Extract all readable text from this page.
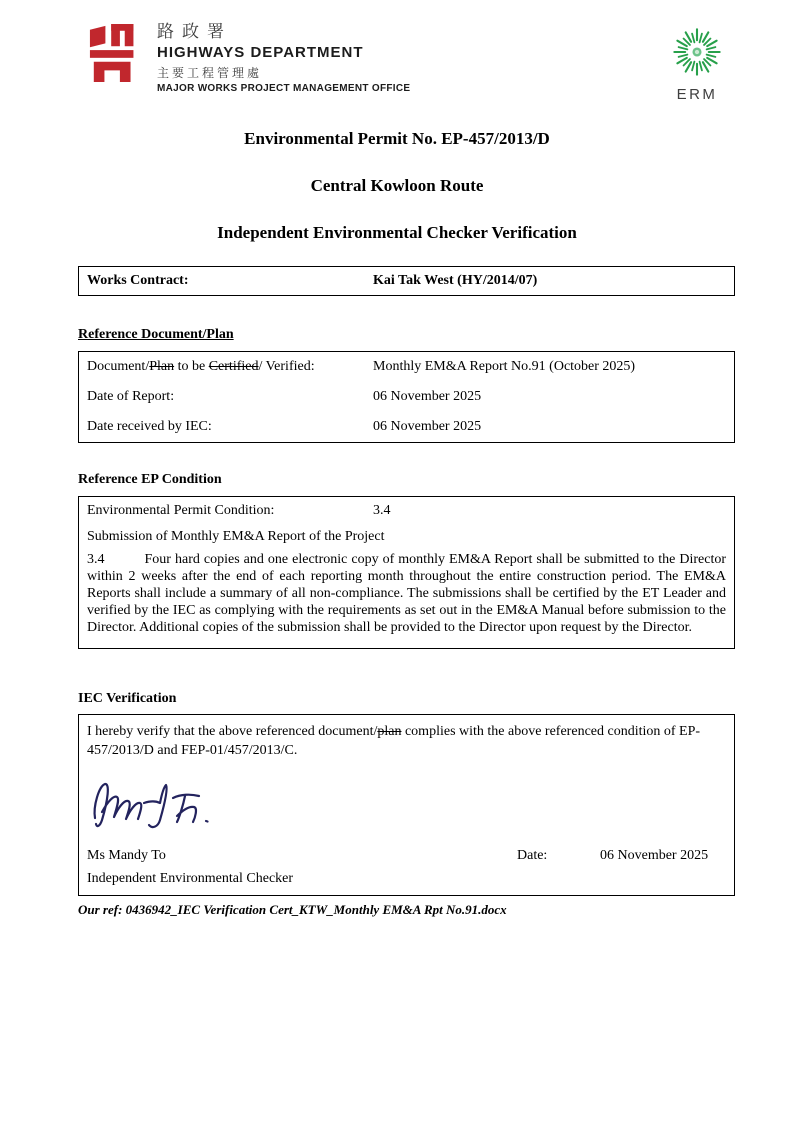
路政署
HIGHWAYS DEPARTMENT
主要工程管理處
MAJOR WORKS PROJECT MANAGEMENT OFFICE	ERM
Environmental Permit No. EP-457/2013/D
Central Kowloon Route
Independent Environmental Checker Verification
Works Contract:	Kai Tak West (HY/2014/07)
Reference Document/Plan
Document/Plan to be Certified/ Verified:	Monthly EM&A Report No.91 (October 2025)
Date of Report:	06 November 2025
Date received by IEC:	06 November 2025
Reference EP Condition
Environmental Permit Condition:	3.4
Submission of Monthly EM&A Report of the Project
3.4	Four hard copies and one electronic copy of monthly EM&A Report shall be submitted to the Director within 2 weeks after the end of each reporting month throughout the entire construction period. The EM&A Reports shall include a summary of all non-compliance. The submissions shall be certified by the ET Leader and verified by the IEC as complying with the requirements as set out in the EM&A Manual before submission to the Director. Additional copies of the submission shall be provided to the Director upon request by the Director.
IEC Verification
I hereby verify that the above referenced document/plan complies with the above referenced condition of EP-457/2013/D and FEP-01/457/2013/C.
Ms Mandy To	Date:	06 November 2025
Independent Environmental Checker
Our ref: 0436942_IEC Verification Cert_KTW_Monthly EM&A Rpt No.91.docx
